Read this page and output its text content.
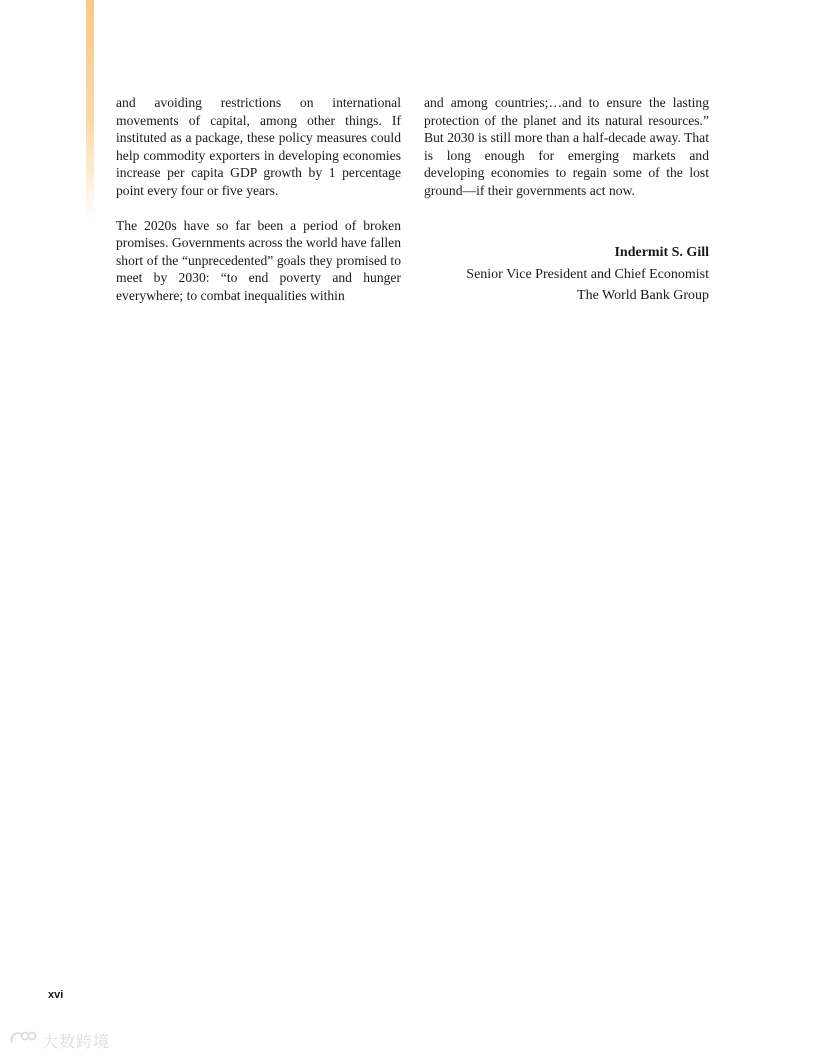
and avoiding restrictions on international movements of capital, among other things. If instituted as a package, these policy measures could help commodity exporters in developing economies increase per capita GDP growth by 1 percentage point every four or five years.

The 2020s have so far been a period of broken promises. Governments across the world have fallen short of the “unprecedented” goals they promised to meet by 2030: “to end poverty and hunger everywhere; to combat inequalities within

and among countries;…and to ensure the lasting protection of the planet and its natural resources.” But 2030 is still more than a half-decade away. That is long enough for emerging markets and developing economies to regain some of the lost ground—if their governments act now.

Indermit S. Gill
Senior Vice President and Chief Economist
The World Bank Group
xvi
大数跨境
